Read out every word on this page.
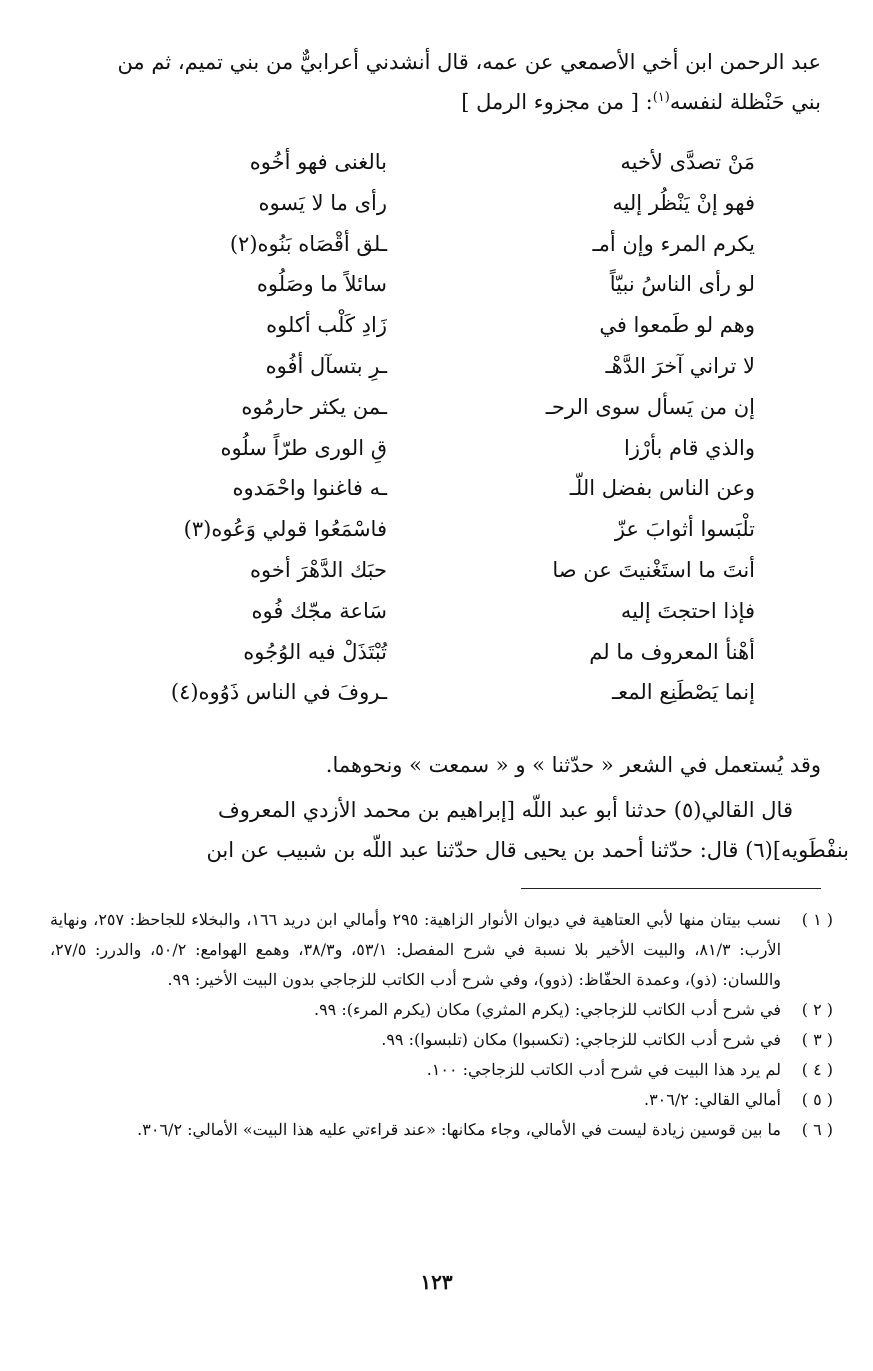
عبد الرحمن ابن أخي الأصمعي عن عمه، قال أنشدني أعرابيٌّ من بني تميم، ثم من

بني حَنْظلة لنفسه$^{(١)}$: [ من مجزوء الرمل ]

مَنْ تصدَّى لأخيه
بالغنى فهو أخُوه
فهو إنْ يَنْظُر إليه
رأى ما لا يَسوه
يكرم المرء وإن أمـ
ـلق أقْصَاه بَنُوه(٢)
لو رأى الناسُ نبيّاً
سائلاً ما وصَلُوه
وهم لو طَمعوا في
زَادِ كَلْب أكلوه
لا تراني آخرَ الدَّهْـ
ـرِ بتسآل أفُوه
إن من يَسأل سوى الرحـ
ـمن يكثر حارمُوه
والذي قام بأرْزا
قِ الورى طرّاً سلُوه
وعن الناس بفضل اللّـ
ـه فاغنوا واحْمَدوه
تلْبَسوا أثوابَ عزّ
فاسْمَعُوا قولي وَعُوه(٣)
أنتَ ما استَغْنيتَ عن صا
حبَك الدَّهْرَ أخوه
فإذا احتجتَ إليه
سَاعة مجّك فُوه
أهْنأ المعروف ما لم
تُبْتَذَلْ فيه الوُجُوه
إنما يَصْطَنِع المعـ
ـروفَ في الناس ذَوُوه(٤)
وقد يُستعمل في الشعر « حدّثنا » و « سمعت » ونحوهما.

قال القالي(٥) حدثنا أبو عبد اللّه [إبراهيم بن محمد الأزدي المعروف

بنفْطَويه](٦) قال: حدّثنا أحمد بن يحيى قال حدّثنا عبد اللّه بن شبيب عن ابن

( ١ )
نسب بيتان منها لأبي العتاهية في ديوان الأنوار الزاهية: ٢٩٥ وأمالي ابن دريد ١٦٦، والبخلاء للجاحظ: ٢٥٧، ونهاية الأرب: ٨١/٣، والبيت الأخير بلا نسبة في شرح المفصل: ٥٣/١، و٣٨/٣، وهمع الهوامع: ٥٠/٢، والدرر: ٢٧/٥، واللسان: (ذو)، وعمدة الحفّاظ: (ذوو)، وفي شرح أدب الكاتب للزجاجي بدون البيت الأخير: ٩٩.
( ٢ )
في شرح أدب الكاتب للزجاجي: (يكرم المثري) مكان (يكرم المرء): ٩٩.
( ٣ )
في شرح أدب الكاتب للزجاجي: (تكسبوا) مكان (تلبسوا): ٩٩.
( ٤ )
لم يرد هذا البيت في شرح أدب الكاتب للزجاجي: ١٠٠.
( ٥ )
أمالي القالي: ٣٠٦/٢.
( ٦ )
ما بين قوسين زيادة ليست في الأمالي، وجاء مكانها: «عند قراءتي عليه هذا البيت» الأمالي: ٣٠٦/٢.
١٢٣
